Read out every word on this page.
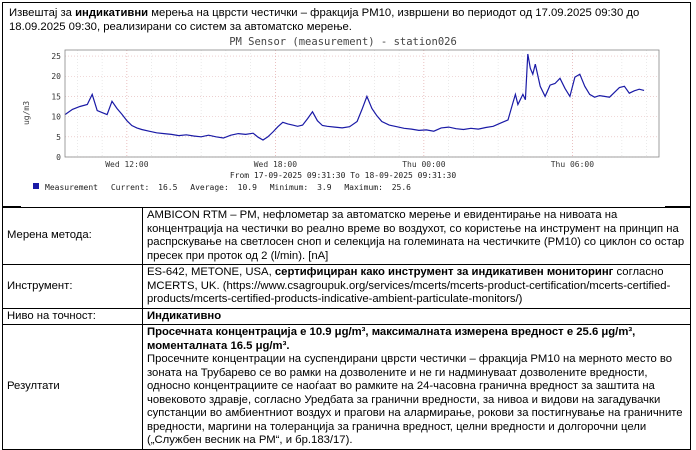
Извештај за индикативни мерења на цврсти честички – фракција PM10, извршени во периодот од 17.09.2025 09:30 до 18.09.2025 09:30, реализирани со систем за автоматско мерење.
PM Sensor (measurement) - station026
ug/m3
0
5
10
15
20
25
Wed 12:00	Wed 18:00	Thu 00:00	Thu 06:00
From 17-09-2025 09:31:30 To 18-09-2025 09:31:30
Measurement Current: 16.5 Average: 10.9 Minimum: 3.9 Maximum: 25.6
Мерена метода:	AMBICON RTM – PM, нефлометар за автоматско мерење и евидентирање на нивоата на концентрација на честички во реално време во воздухот, со користење на инструмент на принцип на распрскување на светлосен сноп и селекција на големината на честичките (PM10) со циклон со остар пресек при проток од 2 (l/min). [nA]
Инструмент:	ES-642, METONE, USA, сертифициран како инструмент за индикативен мониторинг согласно MCERTS, UK. (https://www.csagroupuk.org/services/mcerts/mcerts-product-certification/mcerts-certified-products/mcerts-certified-products-indicative-ambient-particulate-monitors/)
Ниво на точност:	Индикативно
Резултати	Просечната концентрација е 10.9 μg/m³, максималната измерена вредност е 25.6 μg/m³, моменталната 16.5 μg/m³.
Просечните концентрации на суспендирани цврсти честички – фракција PM10 на мерното место во зоната на Трубарево се во рамки на дозволените и не ги надминуваат дозволените вредности, односно концентрациите се наоѓаат во рамките на 24-часовна гранична вредност за заштита на човековото здравје, согласно Уредбата за гранични вредности, за нивоа и видови на загадувачки супстанции во амбиентниот воздух и прагови на алармирање, рокови за постигнување на граничните вредности, маргини на толеранција за гранична вредност, целни вредности и долгорочни цели („Службен весник на РМ“, и бр.183/17).
